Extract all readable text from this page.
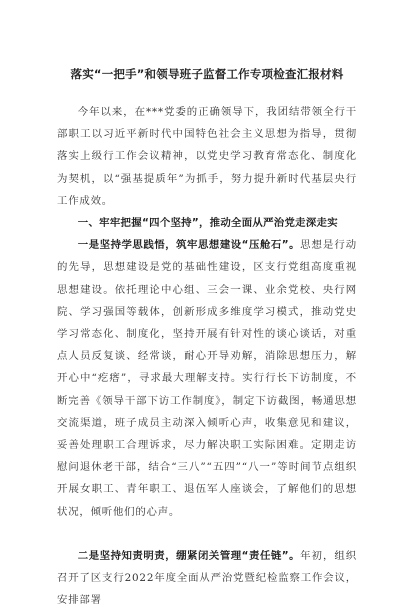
落实“一把手”和领导班子监督工作专项检查汇报材料

今年以来，在***党委的正确领导下，我团结带领全行干部职工以习近平新时代中国特色社会主义思想为指导，贯彻落实上级行工作会议精神，以党史学习教育常态化、制度化为契机，以“强基提质年”为抓手，努力提升新时代基层央行工作成效。

一、牢牢把握“四个坚持”，推动全面从严治党走深走实

一是坚持学思践悟，筑牢思想建设“压舱石”。思想是行动的先导，思想建设是党的基础性建设，区支行党组高度重视思想建设。依托理论中心组、三会一课、业余党校、央行网院、学习强国等载体，创新形成多维度学习模式，推动党史学习常态化、制度化，坚持开展有针对性的谈心谈话，对重点人员反复谈、经常谈，耐心开导劝解，消除思想压力，解开心中“疙瘩”，寻求最大理解支持。实行行长下访制度，不断完善《领导干部下访工作制度》，制定下访截图，畅通思想交流渠道，班子成员主动深入倾听心声，收集意见和建议，妥善处理职工合理诉求，尽力解决职工实际困难。定期走访慰问退休老干部，结合“三八”“五四”“八一”等时间节点组织开展女职工、青年职工、退伍军人座谈会，了解他们的思想状况，倾听他们的心声。

二是坚持知责明责，绷紧闭关管理“责任链”。年初，组织召开了区支行2022年度全面从严治党暨纪检监察工作会议，安排部署
